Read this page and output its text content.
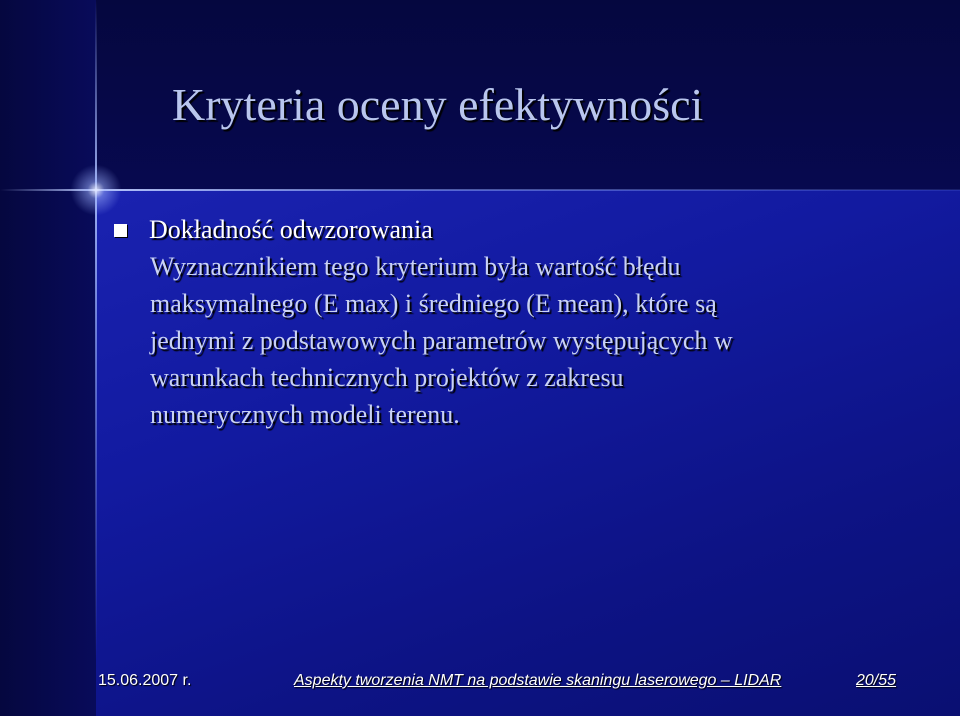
Kryteria oceny efektywności
Dokładność odwzorowania

Wyznacznikiem tego kryterium była wartość błędu

maksymalnego (E max) i średniego (E mean), które są

jednymi z podstawowych parametrów występujących w

warunkach technicznych projektów z zakresu

numerycznych modeli terenu.

15.06.2007 r.	Aspekty tworzenia NMT na podstawie skaningu laserowego – LIDAR	20/55
